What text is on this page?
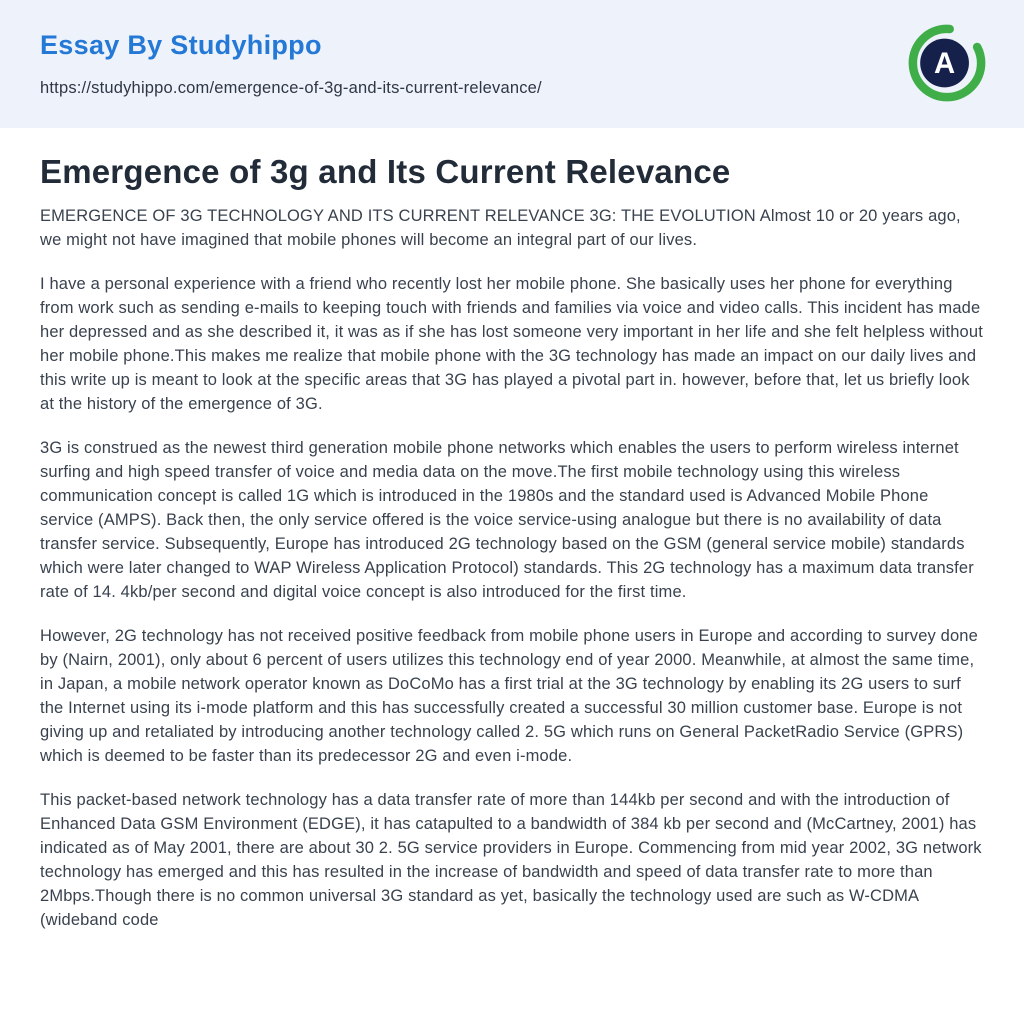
Essay By Studyhippo
https://studyhippo.com/emergence-of-3g-and-its-current-relevance/
A
Emergence of 3g and Its Current Relevance

EMERGENCE OF 3G TECHNOLOGY AND ITS CURRENT RELEVANCE 3G: THE EVOLUTION Almost 10 or 20 years ago, we might not have imagined that mobile phones will become an integral part of our lives.

I have a personal experience with a friend who recently lost her mobile phone. She basically uses her phone for everything from work such as sending e-mails to keeping touch with friends and families via voice and video calls. This incident has made her depressed and as she described it, it was as if she has lost someone very important in her life and she felt helpless without her mobile phone.This makes me realize that mobile phone with the 3G technology has made an impact on our daily lives and this write up is meant to look at the specific areas that 3G has played a pivotal part in. however, before that, let us briefly look at the history of the emergence of 3G.

3G is construed as the newest third generation mobile phone networks which enables the users to perform wireless internet surfing and high speed transfer of voice and media data on the move.The first mobile technology using this wireless communication concept is called 1G which is introduced in the 1980s and the standard used is Advanced Mobile Phone service (AMPS). Back then, the only service offered is the voice service-using analogue but there is no availability of data transfer service. Subsequently, Europe has introduced 2G technology based on the GSM (general service mobile) standards which were later changed to WAP Wireless Application Protocol) standards. This 2G technology has a maximum data transfer rate of 14. 4kb/per second and digital voice concept is also introduced for the first time.

However, 2G technology has not received positive feedback from mobile phone users in Europe and according to survey done by (Nairn, 2001), only about 6 percent of users utilizes this technology end of year 2000. Meanwhile, at almost the same time, in Japan, a mobile network operator known as DoCoMo has a first trial at the 3G technology by enabling its 2G users to surf the Internet using its i-mode platform and this has successfully created a successful 30 million customer base. Europe is not giving up and retaliated by introducing another technology called 2. 5G which runs on General PacketRadio Service (GPRS) which is deemed to be faster than its predecessor 2G and even i-mode.

This packet-based network technology has a data transfer rate of more than 144kb per second and with the introduction of Enhanced Data GSM Environment (EDGE), it has catapulted to a bandwidth of 384 kb per second and (McCartney, 2001) has indicated as of May 2001, there are about 30 2. 5G service providers in Europe. Commencing from mid year 2002, 3G network technology has emerged and this has resulted in the increase of bandwidth and speed of data transfer rate to more than 2Mbps.Though there is no common universal 3G standard as yet, basically the technology used are such as W-CDMA (wideband code
